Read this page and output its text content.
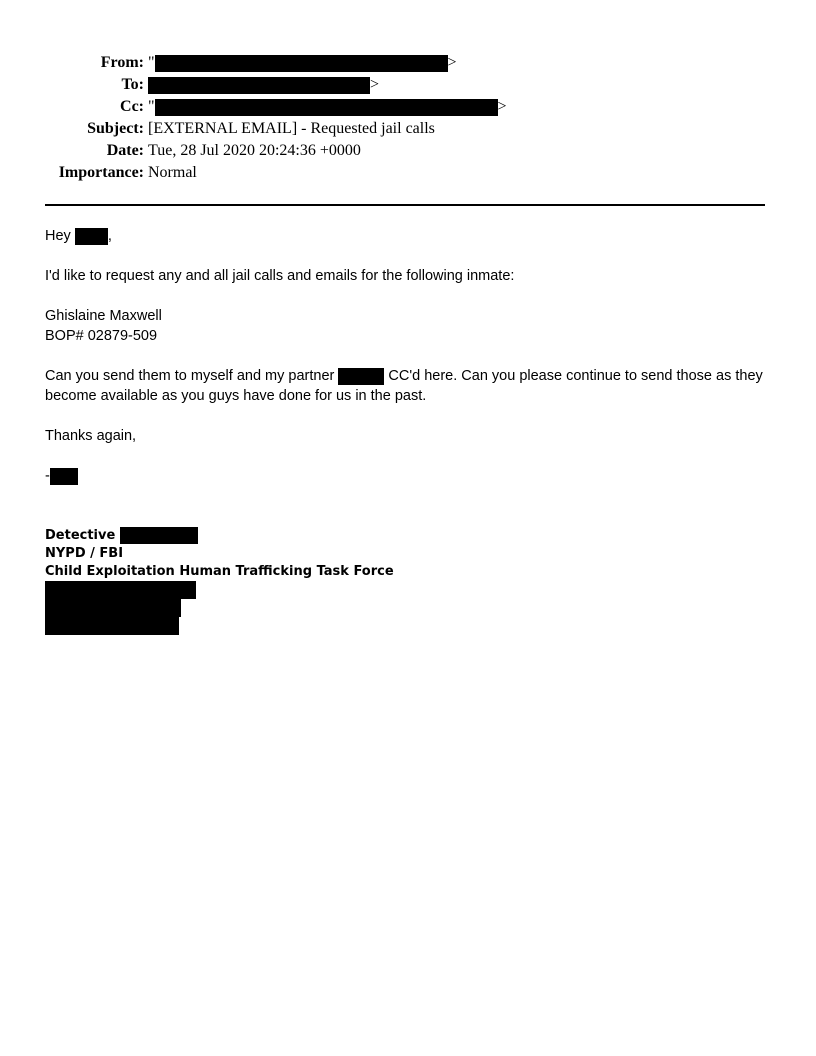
From: "	>
To:	>
Cc: "	>
Subject: [EXTERNAL EMAIL] - Requested jail calls
Date: Tue, 28 Jul 2020 20:24:36 +0000
Importance: Normal

Hey ,

I'd like to request any and all jail calls and emails for the following inmate:

Ghislaine Maxwell

BOP# 02879-509

Can you send them to myself and my partner	CC'd here. Can you please continue to send those as they become available as you guys have done for us in the past.

Thanks again,

-

Detective
NYPD / FBI
Child Exploitation Human Trafficking Task Force
